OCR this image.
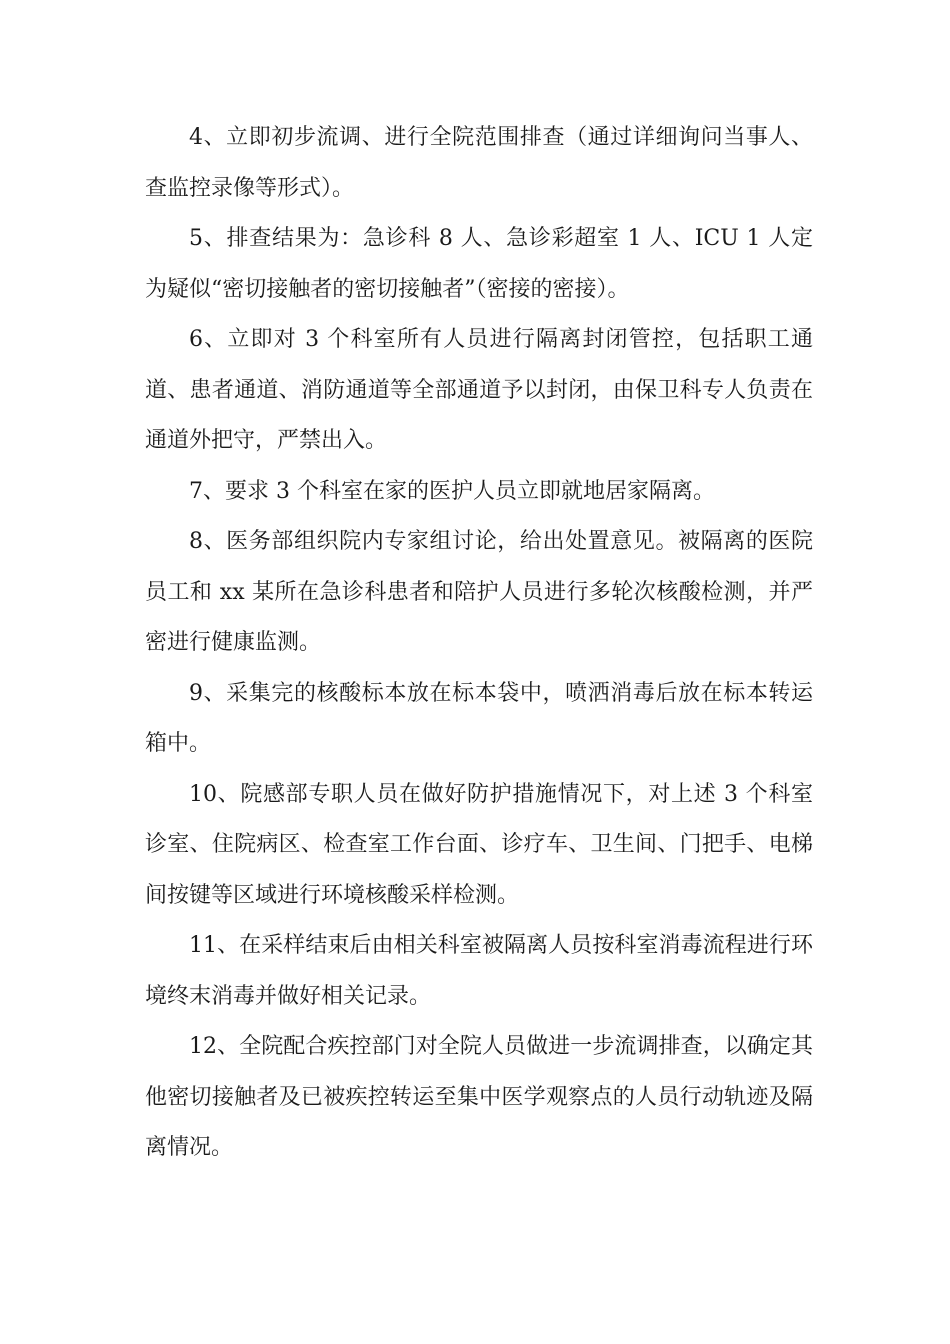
4、立即初步流调、进行全院范围排查（通过详细询问当事人、查监控录像等形式）。

5、排查结果为：急诊科 8 人、急诊彩超室 1 人、ICU 1 人定为疑似“密切接触者的密切接触者”（密接的密接）。

6、立即对 3 个科室所有人员进行隔离封闭管控，包括职工通道、患者通道、消防通道等全部通道予以封闭，由保卫科专人负责在通道外把守，严禁出入。

7、要求 3 个科室在家的医护人员立即就地居家隔离。

8、医务部组织院内专家组讨论，给出处置意见。被隔离的医院员工和 xx 某所在急诊科患者和陪护人员进行多轮次核酸检测，并严密进行健康监测。

9、采集完的核酸标本放在标本袋中，喷洒消毒后放在标本转运箱中。

10、院感部专职人员在做好防护措施情况下，对上述 3 个科室诊室、住院病区、检查室工作台面、诊疗车、卫生间、门把手、电梯间按键等区域进行环境核酸采样检测。

11、在采样结束后由相关科室被隔离人员按科室消毒流程进行环境终末消毒并做好相关记录。

12、全院配合疾控部门对全院人员做进一步流调排查，以确定其他密切接触者及已被疾控转运至集中医学观察点的人员行动轨迹及隔离情况。
